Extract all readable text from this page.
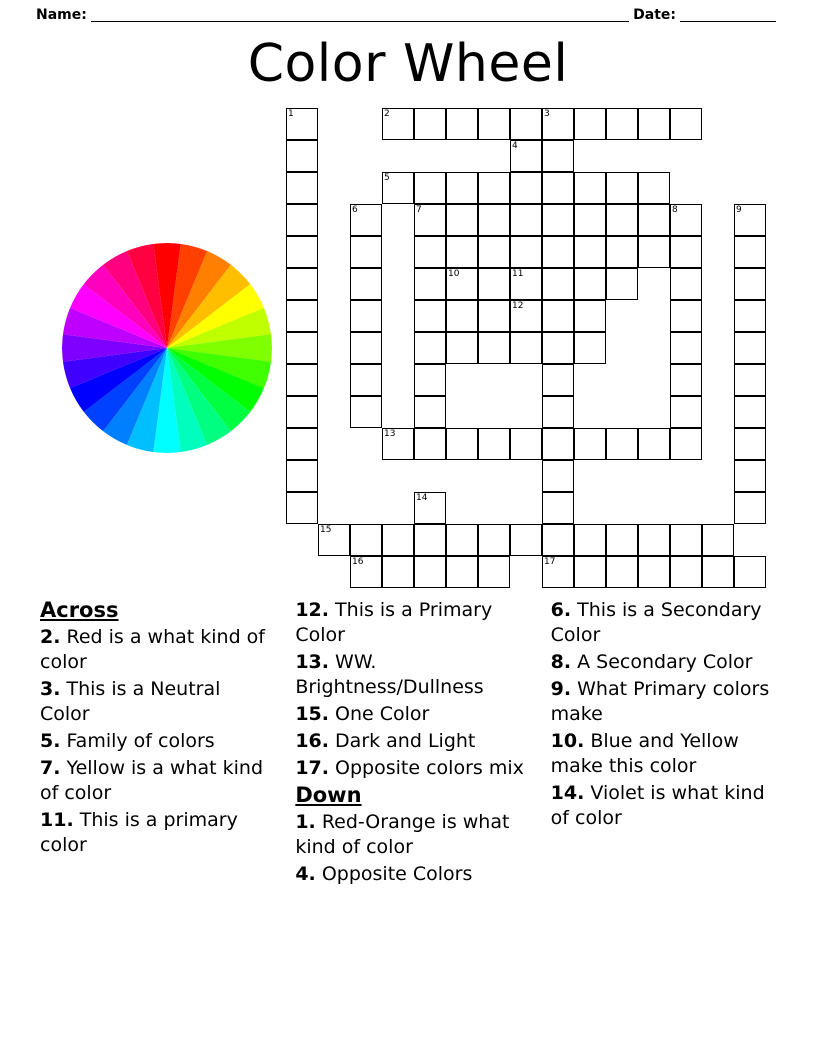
Name:	Date:
Color Wheel
1	2	3
4
5
6	7	8	9
10	11
12
13
14
15
16	17
Across
2. Red is a what kind of color
3. This is a Neutral Color
5. Family of colors
7. Yellow is a what kind of color
11. This is a primary color
12. This is a Primary Color
13. WW. Brightness/Dullness
15. One Color
16. Dark and Light
17. Opposite colors mix
Down
1. Red-Orange is what kind of color
4. Opposite Colors
6. This is a Secondary Color
8. A Secondary Color
9. What Primary colors make
10. Blue and Yellow make this color
14. Violet is what kind of color
